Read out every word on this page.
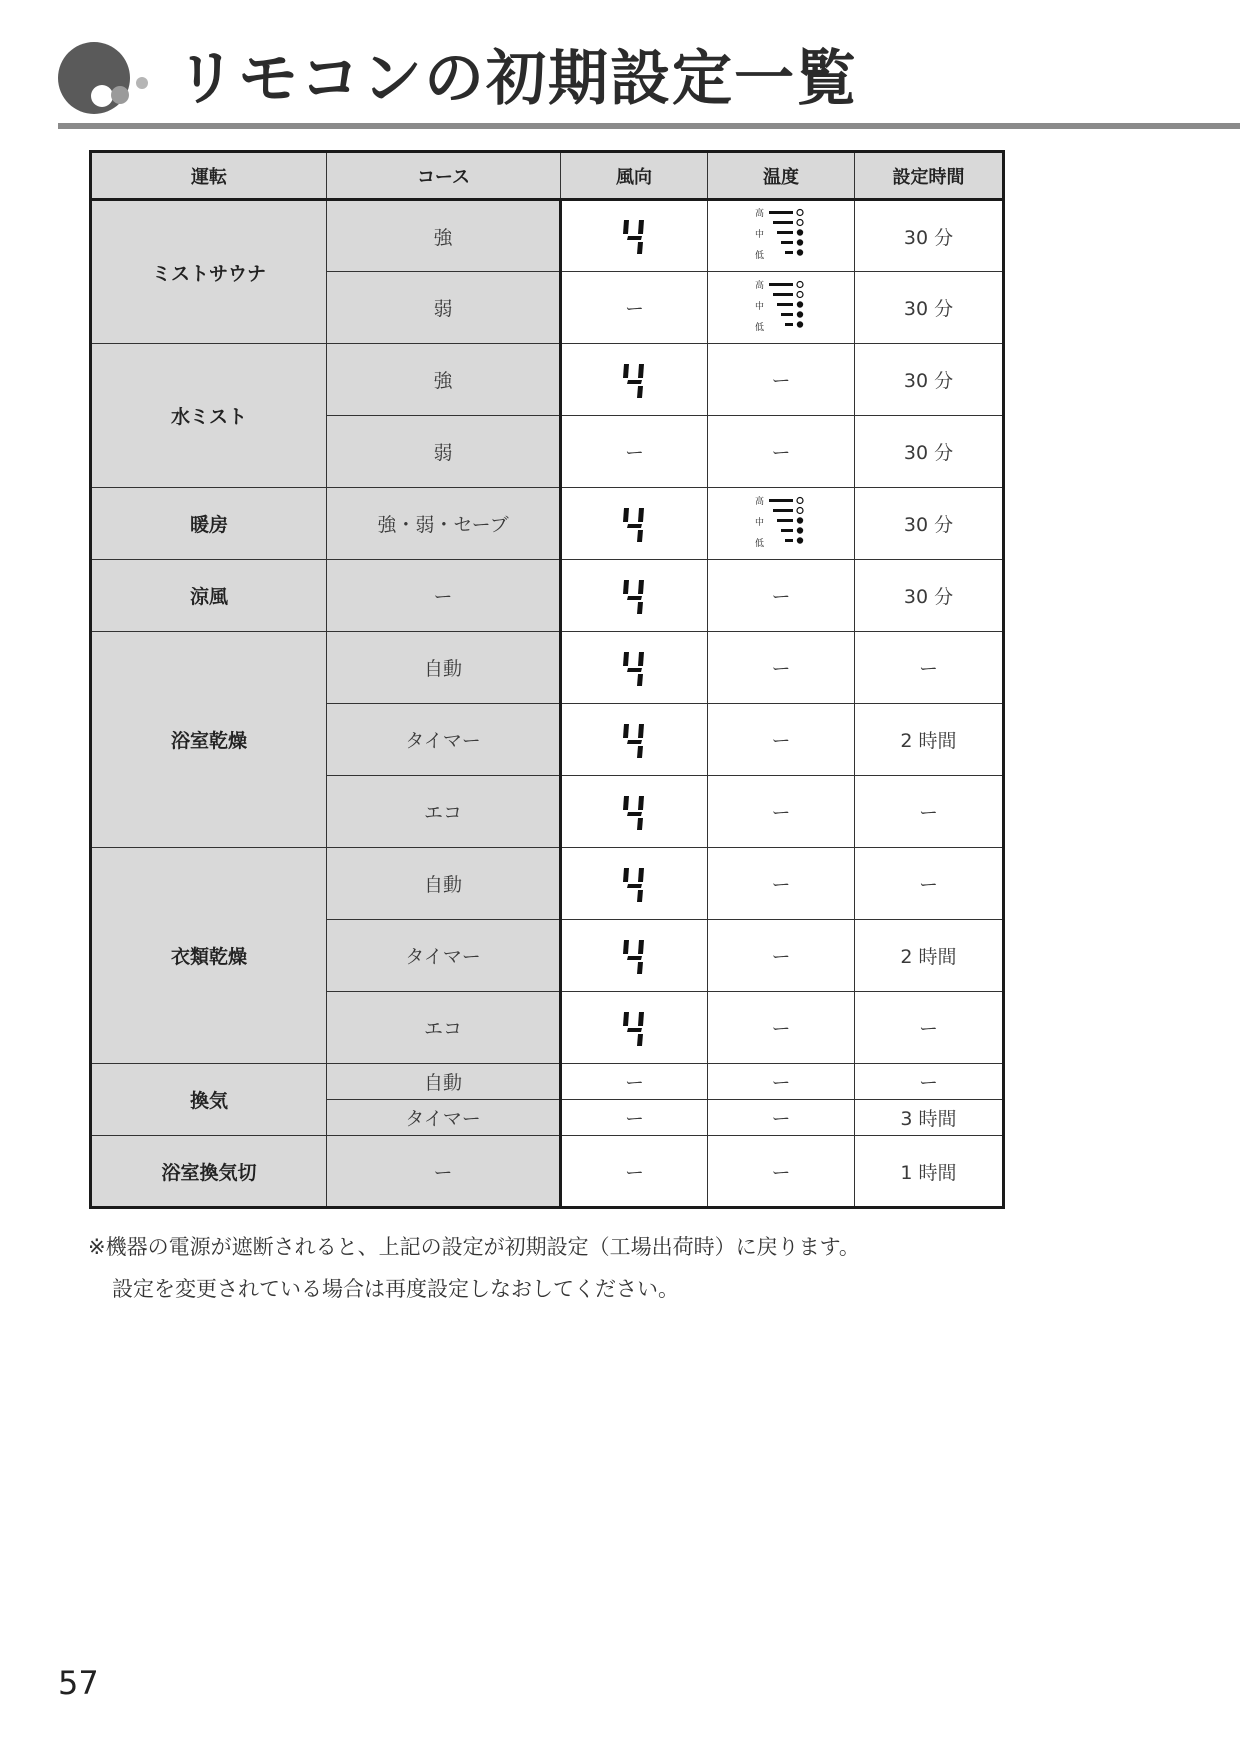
リモコンの初期設定一覧
運転	コース	風向	温度	設定時間
ミストサウナ	強			30 分
	弱	ー		30 分
水ミスト	強		ー	30 分
	弱	ー	ー	30 分
暖房	強・弱・セーブ			30 分
涼風	ー		ー	30 分
浴室乾燥	自動		ー	ー
	タイマー		ー	2 時間
	エコ		ー	ー
衣類乾燥	自動		ー	ー
	タイマー		ー	2 時間
	エコ		ー	ー
換気	自動	ー	ー	ー
	タイマー	ー	ー	3 時間
浴室換気切	ー	ー	ー	1 時間
※機器の電源が遮断されると、上記の設定が初期設定（工場出荷時）に戻ります。
設定を変更されている場合は再度設定しなおしてください。
57
